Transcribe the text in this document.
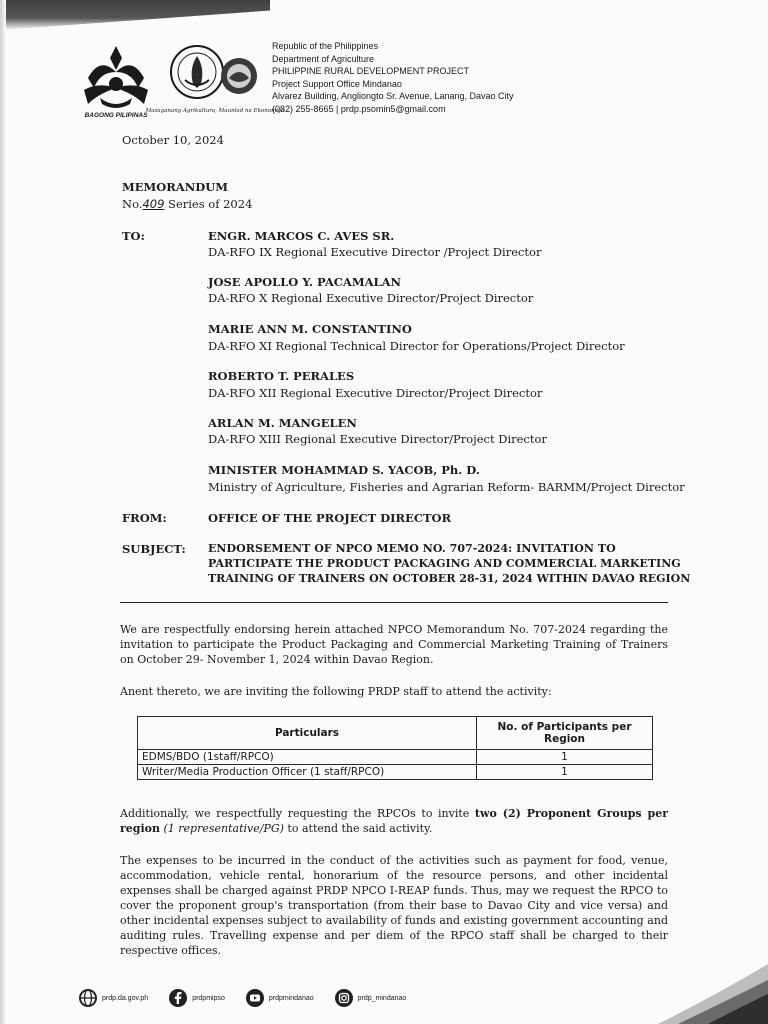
BAGONG PILIPINAS
Masaganang Agrikultura, Maunlad na Ekonomiya
Republic of the Philippines
Department of Agriculture
PHILIPPINE RURAL DEVELOPMENT PROJECT
Project Support Office Mindanao
Alvarez Building, Angliongto Sr. Avenue, Lanang, Davao City
(082) 255-8665 | prdp.psomin5@gmail.com
October 10, 2024
MEMORANDUM
No.409 Series of 2024
TO:	ENGR. MARCOS C. AVES SR.
DA-RFO IX Regional Executive Director /Project Director
JOSE APOLLO Y. PACAMALAN
DA-RFO X Regional Executive Director/Project Director
MARIE ANN M. CONSTANTINO
DA-RFO XI Regional Technical Director for Operations/Project Director
ROBERTO T. PERALES
DA-RFO XII Regional Executive Director/Project Director
ARLAN M. MANGELEN
DA-RFO XIII Regional Executive Director/Project Director
MINISTER MOHAMMAD S. YACOB, Ph. D.
Ministry of Agriculture, Fisheries and Agrarian Reform- BARMM/Project Director
FROM:	OFFICE OF THE PROJECT DIRECTOR
SUBJECT: ENDORSEMENT OF NPCO MEMO NO. 707-2024: INVITATION TO
PARTICIPATE THE PRODUCT PACKAGING AND COMMERCIAL MARKETING
TRAINING OF TRAINERS ON OCTOBER 28-31, 2024 WITHIN DAVAO REGION
We are respectfully endorsing herein attached NPCO Memorandum No. 707-2024 regarding the invitation to participate the Product Packaging and Commercial Marketing Training of Trainers on October 29- November 1, 2024 within Davao Region.
Anent thereto, we are inviting the following PRDP staff to attend the activity:
Particulars	No. of Participants per Region
EDMS/BDO (1staff/RPCO)	1
Writer/Media Production Officer (1 staff/RPCO)	1
Additionally, we respectfully requesting the RPCOs to invite two (2) Proponent Groups per region (1 representative/PG) to attend the said activity.
The expenses to be incurred in the conduct of the activities such as payment for food, venue, accommodation, vehicle rental, honorarium of the resource persons, and other incidental expenses shall be charged against PRDP NPCO I-REAP funds. Thus, may we request the RPCO to cover the proponent group's transportation (from their base to Davao City and vice versa) and other incidental expenses subject to availability of funds and existing government accounting and auditing rules. Travelling expense and per diem of the RPCO staff shall be charged to their respective offices.
prdp.da.gov.ph	prdpmipso	prdpmindanao	prdp_mindanao
